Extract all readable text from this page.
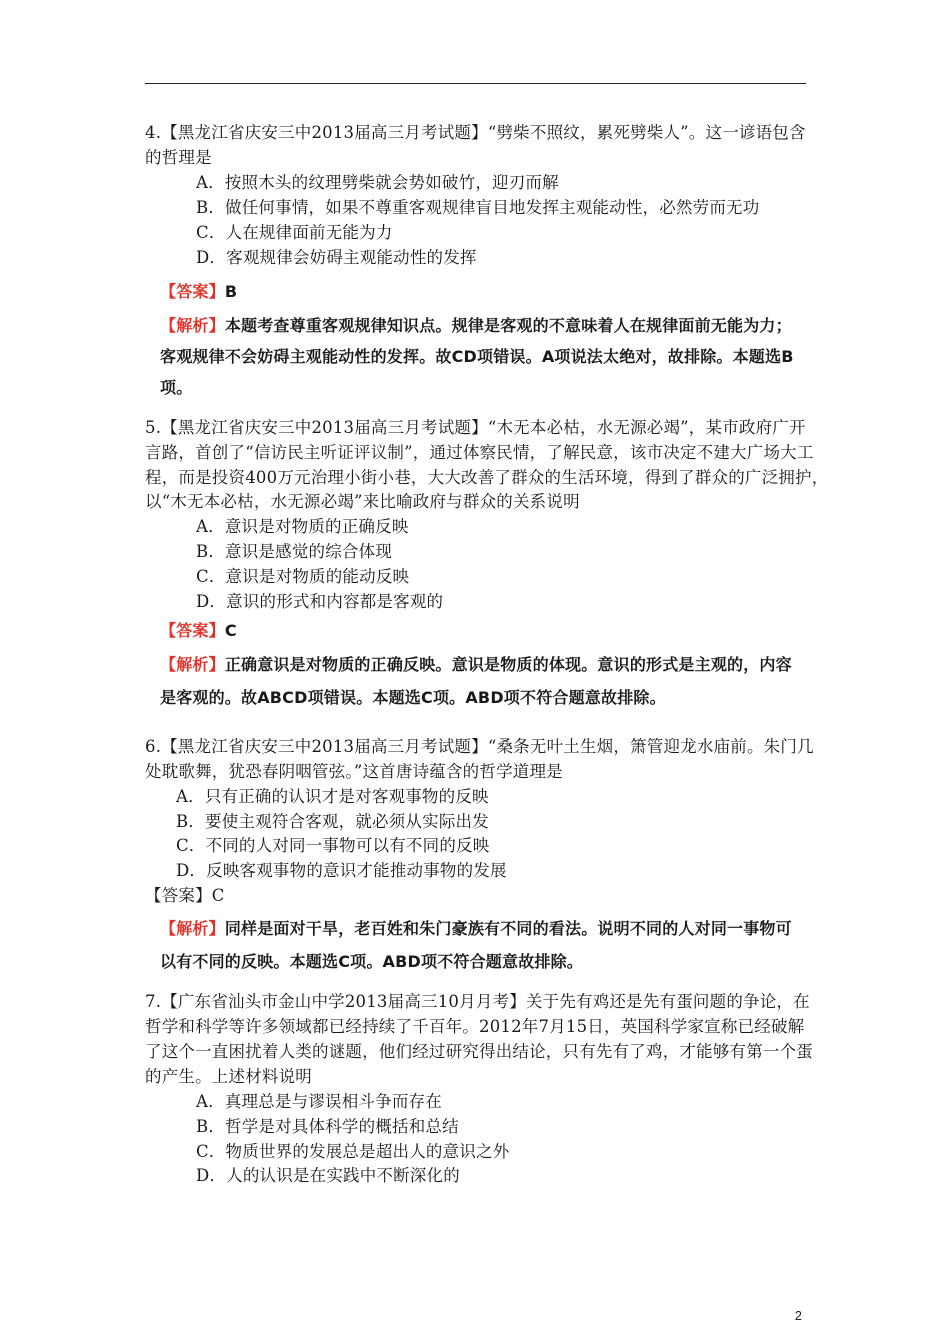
4.【黑龙江省庆安三中2013届高三月考试题】“劈柴不照纹，累死劈柴人”。这一谚语包含
的哲理是
A．按照木头的纹理劈柴就会势如破竹，迎刃而解
B．做任何事情，如果不尊重客观规律盲目地发挥主观能动性，必然劳而无功
C．人在规律面前无能为力
D．客观规律会妨碍主观能动性的发挥
【答案】B
【解析】本题考查尊重客观规律知识点。规律是客观的不意味着人在规律面前无能为力；
客观规律不会妨碍主观能动性的发挥。故CD项错误。A项说法太绝对，故排除。本题选B
项。
5.【黑龙江省庆安三中2013届高三月考试题】“木无本必枯，水无源必竭”，某市政府广开
言路，首创了“信访民主听证评议制”，通过体察民情，了解民意，该市决定不建大广场大工
程，而是投资400万元治理小街小巷，大大改善了群众的生活环境，得到了群众的广泛拥护，
以“木无本必枯，水无源必竭”来比喻政府与群众的关系说明
A．意识是对物质的正确反映
B．意识是感觉的综合体现
C．意识是对物质的能动反映
D．意识的形式和内容都是客观的
【答案】C
【解析】正确意识是对物质的正确反映。意识是物质的体现。意识的形式是主观的，内容
是客观的。故ABCD项错误。本题选C项。ABD项不符合题意故排除。
6.【黑龙江省庆安三中2013届高三月考试题】“桑条无叶土生烟，箫管迎龙水庙前。朱门几
处耽歌舞，犹恐春阴咽管弦。”这首唐诗蕴含的哲学道理是
A．只有正确的认识才是对客观事物的反映
B．要使主观符合客观，就必须从实际出发
C．不同的人对同一事物可以有不同的反映
D．反映客观事物的意识才能推动事物的发展
【答案】C
【解析】同样是面对干旱，老百姓和朱门豪族有不同的看法。说明不同的人对同一事物可
以有不同的反映。本题选C项。ABD项不符合题意故排除。
7.【广东省汕头市金山中学2013届高三10月月考】关于先有鸡还是先有蛋问题的争论，在
哲学和科学等许多领域都已经持续了千百年。2012年7月15日，英国科学家宣称已经破解
了这个一直困扰着人类的谜题，他们经过研究得出结论，只有先有了鸡，才能够有第一个蛋
的产生。上述材料说明
A．真理总是与谬误相斗争而存在
B．哲学是对具体科学的概括和总结
C．物质世界的发展总是超出人的意识之外
D．人的认识是在实践中不断深化的
2
